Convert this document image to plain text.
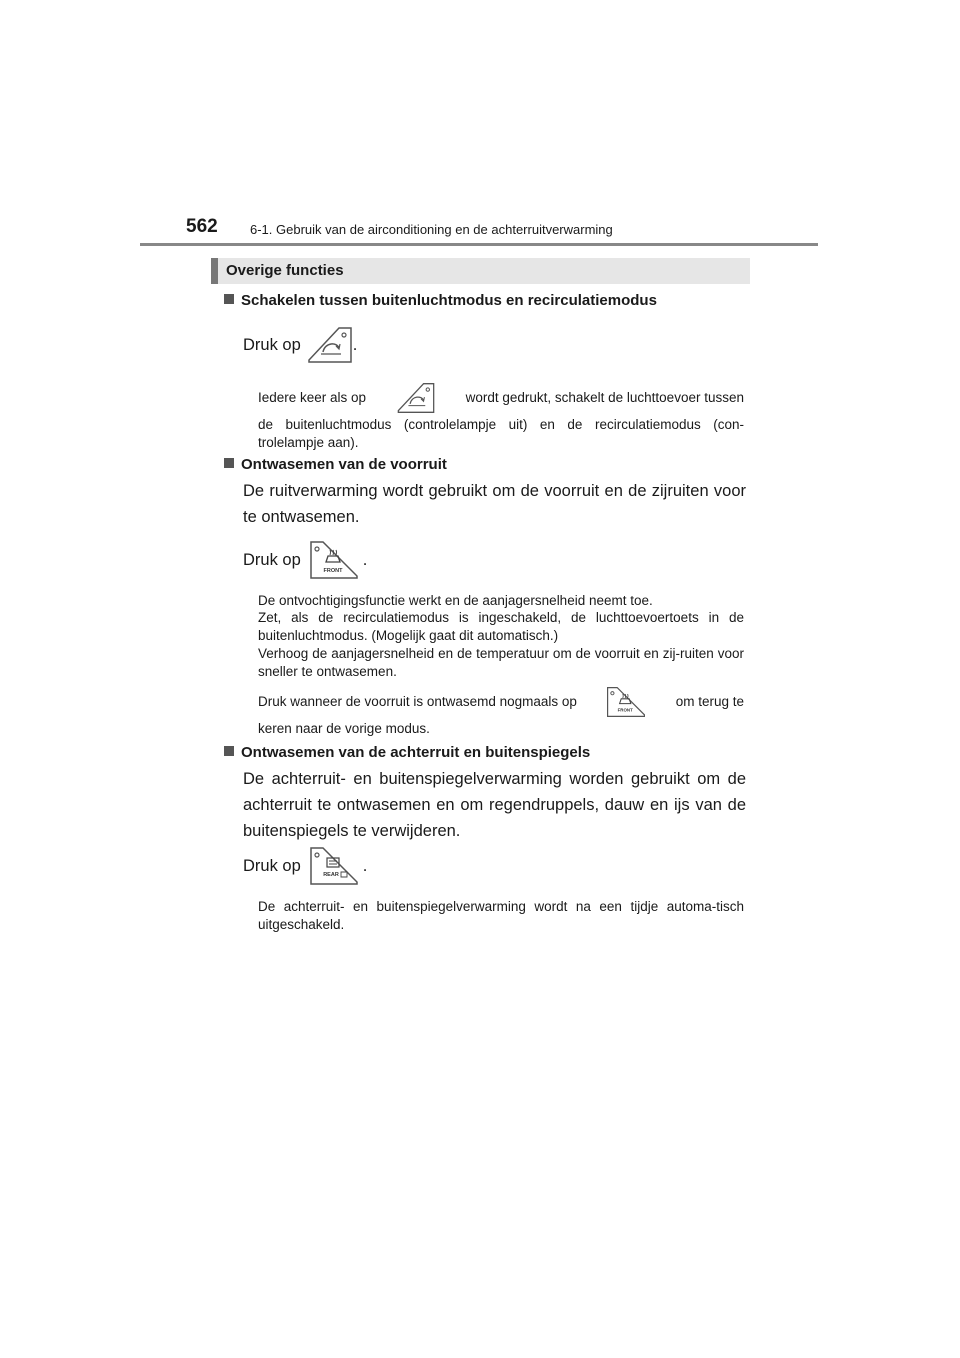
562 6-1. Gebruik van de airconditioning en de achterruitverwarming
Overige functies
Schakelen tussen buitenluchtmodus en recirculatiemodus
Druk op	.
Iedere keer als op	wordt gedrukt, schakelt de luchttoevoer tussen
de buitenluchtmodus (controlelampje uit) en de recirculatiemodus (con-trolelampje aan).
Ontwasemen van de voorruit
De ruitverwarming wordt gebruikt om de voorruit en de zijruiten voor te ontwasemen.
Druk op
FRONT
.
De ontvochtigingsfunctie werkt en de aanjagersnelheid neemt toe.
Zet, als de recirculatiemodus is ingeschakeld, de luchttoevoertoets in de buitenluchtmodus. (Mogelijk gaat dit automatisch.)
Verhoog de aanjagersnelheid en de temperatuur om de voorruit en zij-ruiten voor sneller te ontwasemen.
Druk wanneer de voorruit is ontwasemd nogmaals op
FRONT
om terug te
keren naar de vorige modus.
Ontwasemen van de achterruit en buitenspiegels
De achterruit- en buitenspiegelverwarming worden gebruikt om de achterruit te ontwasemen en om regendruppels, dauw en ijs van de buitenspiegels te verwijderen.
Druk op
REAR
.
De achterruit- en buitenspiegelverwarming wordt na een tijdje automa-tisch uitgeschakeld.
